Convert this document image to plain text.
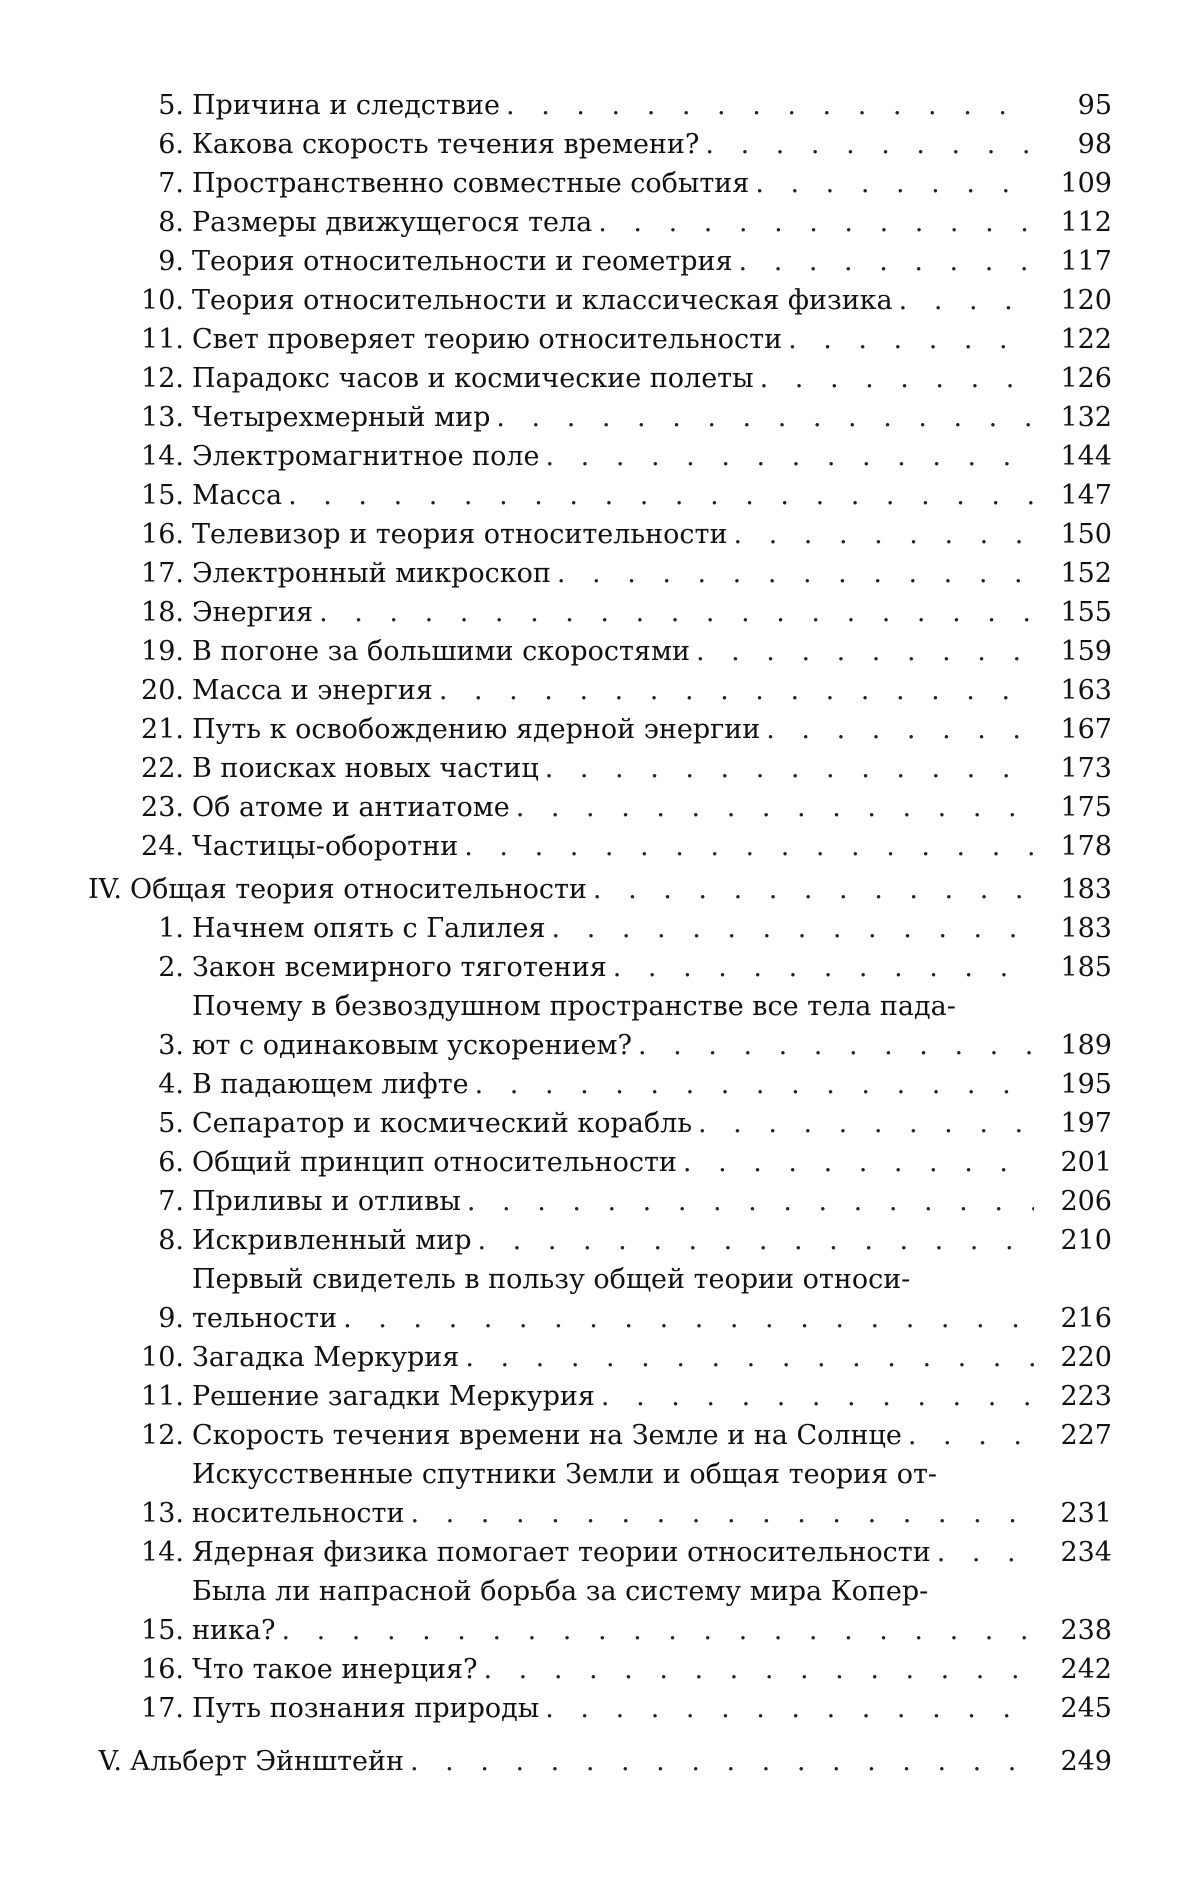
5. Причина и следствие . . . . . . . . . . . . . . .	95
6. Какова скорость течения времени? . . . . . . . . .	98
7. Пространственно совместные события . . . . . . . .	109
8. Размеры движущегося тела . . . . . . . . . . . .	112
9. Теория относительности и геометрия . . . . . . . .	117
10. Теория относительности и классическая физика . . . .	120
11. Свет проверяет теорию относительности . . . . . . .	122
12. Парадокс часов и космические полеты . . . . . . . .	126
13. Четырехмерный мир . . . . . . . . . . . . . . .	132
14. Электромагнитное поле . . . . . . . . . . . . . .	144
15. Масса . . . . . . . . . . . . . . . . . . . . .	147
16. Телевизор и теория относительности . . . . . . . . .	150
17. Электронный микроскоп . . . . . . . . . . . . . .	152
18. Энергия . . . . . . . . . . . . . . . . . . . .	155
19. В погоне за большими скоростями . . . . . . . . . .	159
20. Масса и энергия . . . . . . . . . . . . . . . . .	163
21. Путь к освобождению ядерной энергии . . . . . . . .	167
22. В поисках новых частиц . . . . . . . . . . . . . .	173
23. Об атоме и антиатоме . . . . . . . . . . . . . . .	175
24. Частицы-оборотни . . . . . . . . . . . . . . . .	178
IV. Общая теория относительности . . . . . . . . . . . . .	183
1. Начнем опять с Галилея . . . . . . . . . . . . . .	183
2. Закон всемирного тяготения . . . . . . . . . . . .	185
3.
Почему в безвоздушном пространстве все тела пада-
ют с одинаковым ускорением? . . . . . . . . . . .	189
4. В падающем лифте . . . . . . . . . . . . . . . .	195
5. Сепаратор и космический корабль . . . . . . . . . .	197
6. Общий принцип относительности . . . . . . . . . .	201
7. Приливы и отливы . . . . . . . . . . . . . . . .	206
8. Искривленный мир . . . . . . . . . . . . . . . .	210
9.
Первый свидетель в пользу общей теории относи-
тельности . . . . . . . . . . . . . . . . . . . .	216
10. Загадка Меркурия . . . . . . . . . . . . . . . .	220
11. Решение загадки Меркурия . . . . . . . . . . . .	223
12. Скорость течения времени на Земле и на Солнце . . . .	227
13.
Искусственные спутники Земли и общая теория от-
носительности . . . . . . . . . . . . . . . . . .	231
14. Ядерная физика помогает теории относительности . . .	234
15.
Была ли напрасной борьба за систему мира Копер-
ника? . . . . . . . . . . . . . . . . . . . . .	238
16. Что такое инерция? . . . . . . . . . . . . . . . .	242
17. Путь познания природы . . . . . . . . . . . . . .	245
V. Альберт Эйнштейн . . . . . . . . . . . . . . . . . .	249
